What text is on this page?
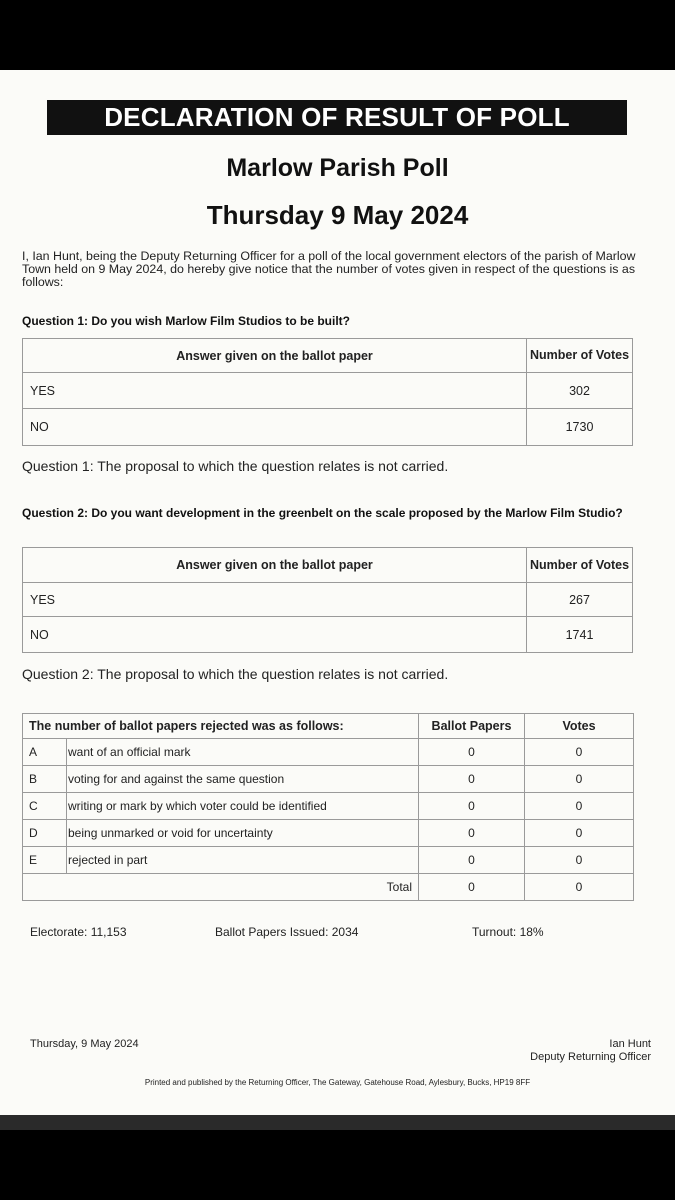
DECLARATION OF RESULT OF POLL
Marlow Parish Poll
Thursday 9 May 2024
I, Ian Hunt, being the Deputy Returning Officer for a poll of the local government electors of the parish of Marlow Town held on 9 May 2024, do hereby give notice that the number of votes given in respect of the questions is as follows:
Question 1: Do you wish Marlow Film Studios to be built?
Answer given on the ballot paper	Number of Votes
YES	302
NO	1730
Question 1: The proposal to which the question relates is not carried.
Question 2: Do you want development in the greenbelt on the scale proposed by the Marlow Film Studio?
Answer given on the ballot paper	Number of Votes
YES	267
NO	1741
Question 2: The proposal to which the question relates is not carried.
The number of ballot papers rejected was as follows:		Ballot Papers	Votes
A	want of an official mark	0	0
B	voting for and against the same question	0	0
C	writing or mark by which voter could be identified	0	0
D	being unmarked or void for uncertainty	0	0
E	rejected in part	0	0
Total		0	0
Electorate: 11,153	Ballot Papers Issued: 2034	Turnout: 18%
Thursday, 9 May 2024	Ian Hunt
Deputy Returning Officer
Printed and published by the Returning Officer, The Gateway, Gatehouse Road, Aylesbury, Bucks, HP19 8FF
